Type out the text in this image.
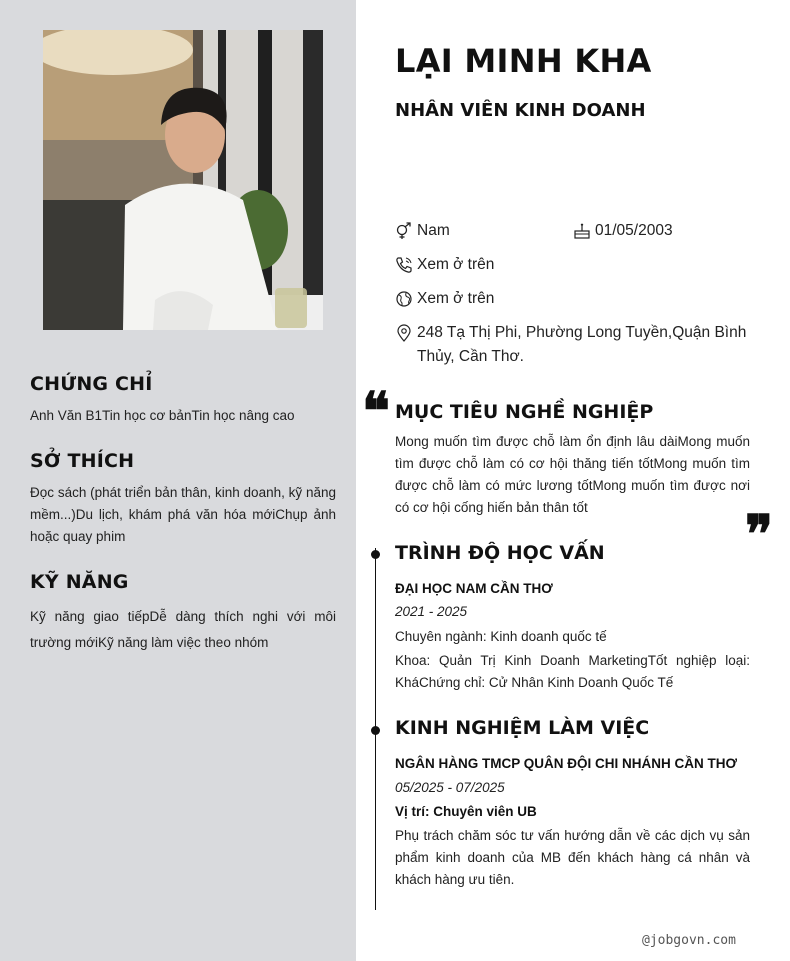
CHỨNG CHỈ
Anh Văn B1Tin học cơ bảnTin học nâng cao
SỞ THÍCH
Đọc sách (phát triển bản thân, kinh doanh, kỹ năng mềm...)Du lịch, khám phá văn hóa mớiChụp ảnh hoặc quay phim
KỸ NĂNG
Kỹ năng giao tiếpDễ dàng thích nghi với môi trường mớiKỹ năng làm việc theo nhóm
LẠI MINH KHA
NHÂN VIÊN KINH DOANH
Nam	01/05/2003
Xem ở trên
Xem ở trên
248 Tạ Thị Phi, Phường Long Tuyền,Quận Bình Thủy, Cần Thơ.
❝ MỤC TIÊU NGHỀ NGHIỆP
Mong muốn tìm được chỗ làm ổn định lâu dàiMong muốn tìm được chỗ làm có cơ hội thăng tiến tốtMong muốn tìm được chỗ làm có mức lương tốtMong muốn tìm được nơi có cơ hội cống hiến bản thân tốt	❞
TRÌNH ĐỘ HỌC VẤN
ĐẠI HỌC NAM CẦN THƠ
2021 - 2025
Chuyên ngành: Kinh doanh quốc tế
Khoa: Quản Trị Kinh Doanh MarketingTốt nghiệp loại: KháChứng chỉ: Cử Nhân Kinh Doanh Quốc Tế
KINH NGHIỆM LÀM VIỆC
NGÂN HÀNG TMCP QUÂN ĐỘI CHI NHÁNH CẦN THƠ
05/2025 - 07/2025
Vị trí: Chuyên viên UB
Phụ trách chăm sóc tư vấn hướng dẫn về các dịch vụ sản phẩm kinh doanh của MB đến khách hàng cá nhân và khách hàng ưu tiên.
@jobgovn.com
